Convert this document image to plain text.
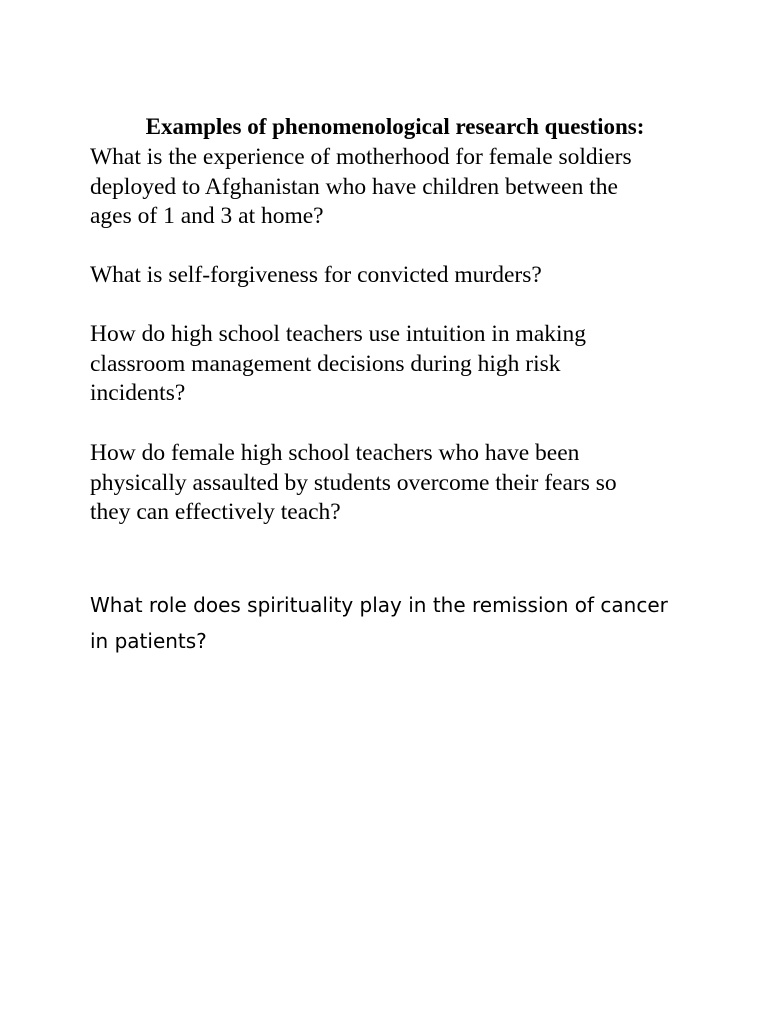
Examples of phenomenological research questions:
What is the experience of motherhood for female soldiers
deployed to Afghanistan who have children between the
ages of 1 and 3 at home?
What is self-forgiveness for convicted murders?
How do high school teachers use intuition in making
classroom management decisions during high risk
incidents?
How do female high school teachers who have been
physically assaulted by students overcome their fears so
they can effectively teach?
What role does spirituality play in the remission of cancer
in patients?
